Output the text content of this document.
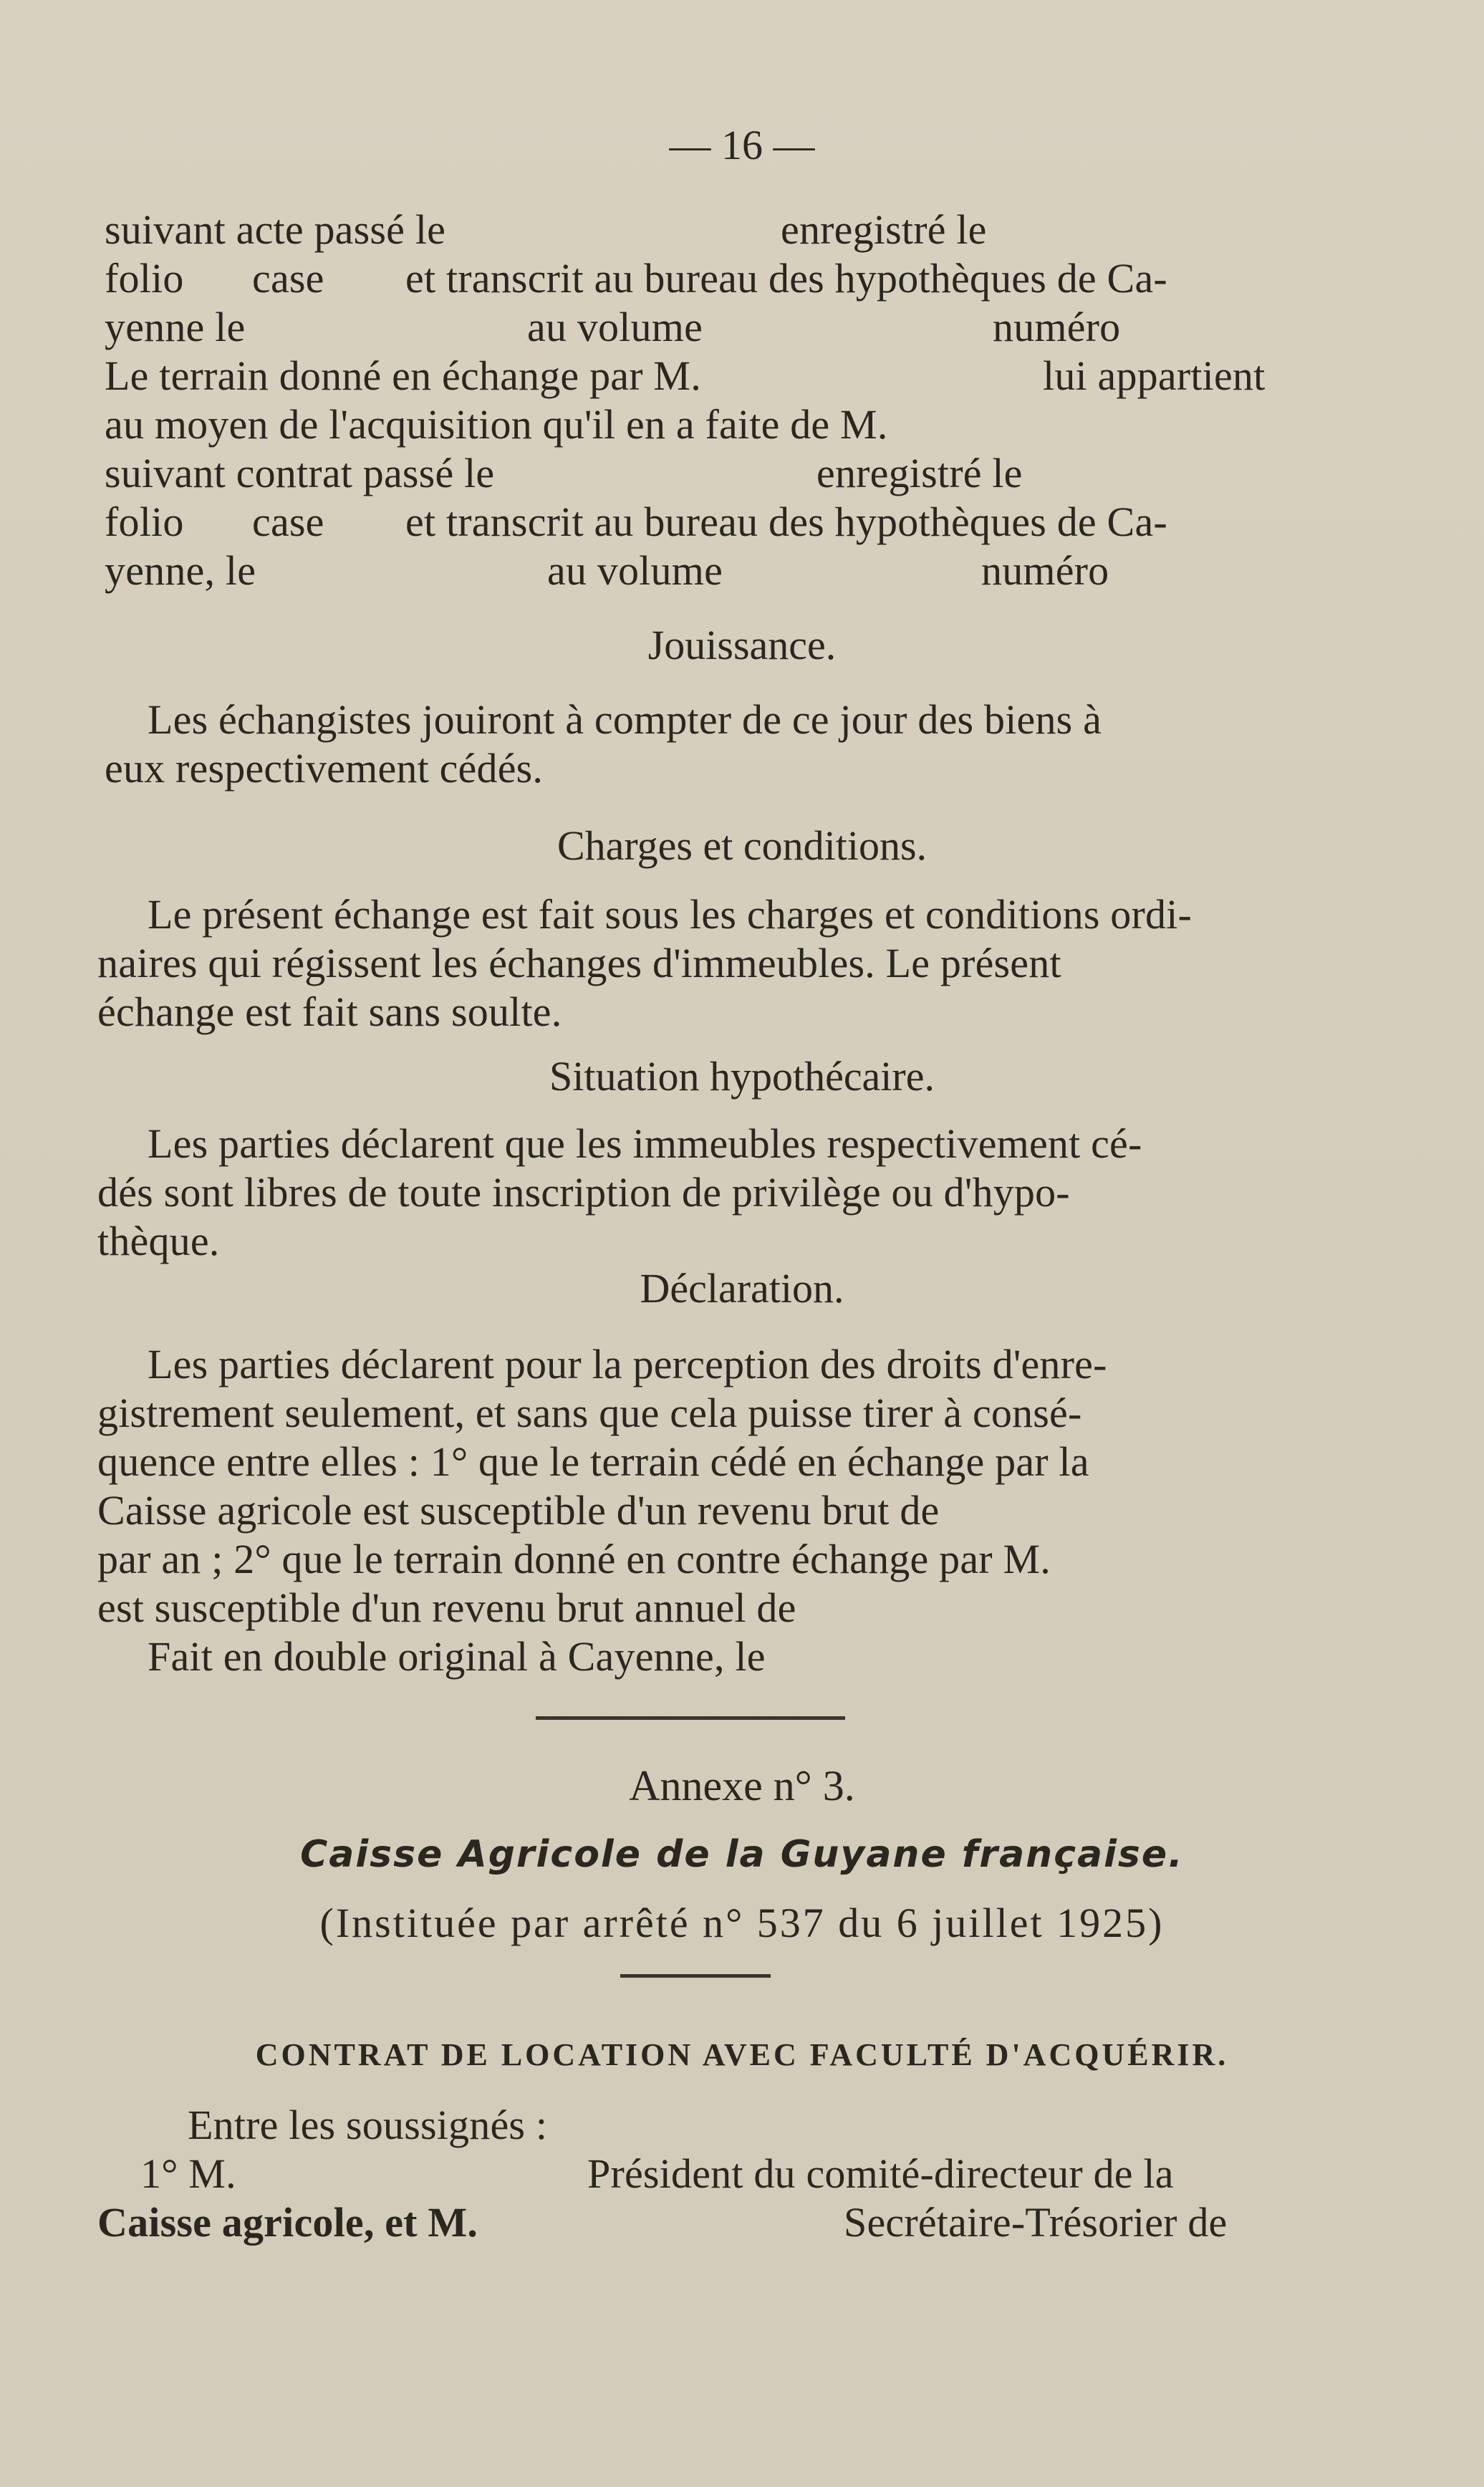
— 16 —
suivant acte passé le	enregistré le
folio case et transcrit au bureau des hypothèques de Ca-
yenne le	au volume	numéro
Le terrain donné en échange par M.	lui appartient
au moyen de l'acquisition qu'il en a faite de M.
suivant contrat passé le	enregistré le
folio case et transcrit au bureau des hypothèques de Ca-
yenne, le	au volume	numéro
Jouissance.
Les échangistes jouiront à compter de ce jour des biens à
eux respectivement cédés.
Charges et conditions.
Le présent échange est fait sous les charges et conditions ordi-
naires qui régissent les échanges d'immeubles. Le présent
échange est fait sans soulte.
Situation hypothécaire.
Les parties déclarent que les immeubles respectivement cé-
dés sont libres de toute inscription de privilège ou d'hypo-
thèque.
Déclaration.
Les parties déclarent pour la perception des droits d'enre-
gistrement seulement, et sans que cela puisse tirer à consé-
quence entre elles : 1° que le terrain cédé en échange par la
Caisse agricole est susceptible d'un revenu brut de
par an ; 2° que le terrain donné en contre échange par M.
est susceptible d'un revenu brut annuel de
Fait en double original à Cayenne, le
Annexe n° 3.
Caisse Agricole de la Guyane française.
(Instituée par arrêté n° 537 du 6 juillet 1925)
CONTRAT DE LOCATION AVEC FACULTÉ D'ACQUÉRIR.
Entre les soussignés :
1° M.	Président du comité-directeur de la
Caisse agricole, et M.	Secrétaire-Trésorier de
